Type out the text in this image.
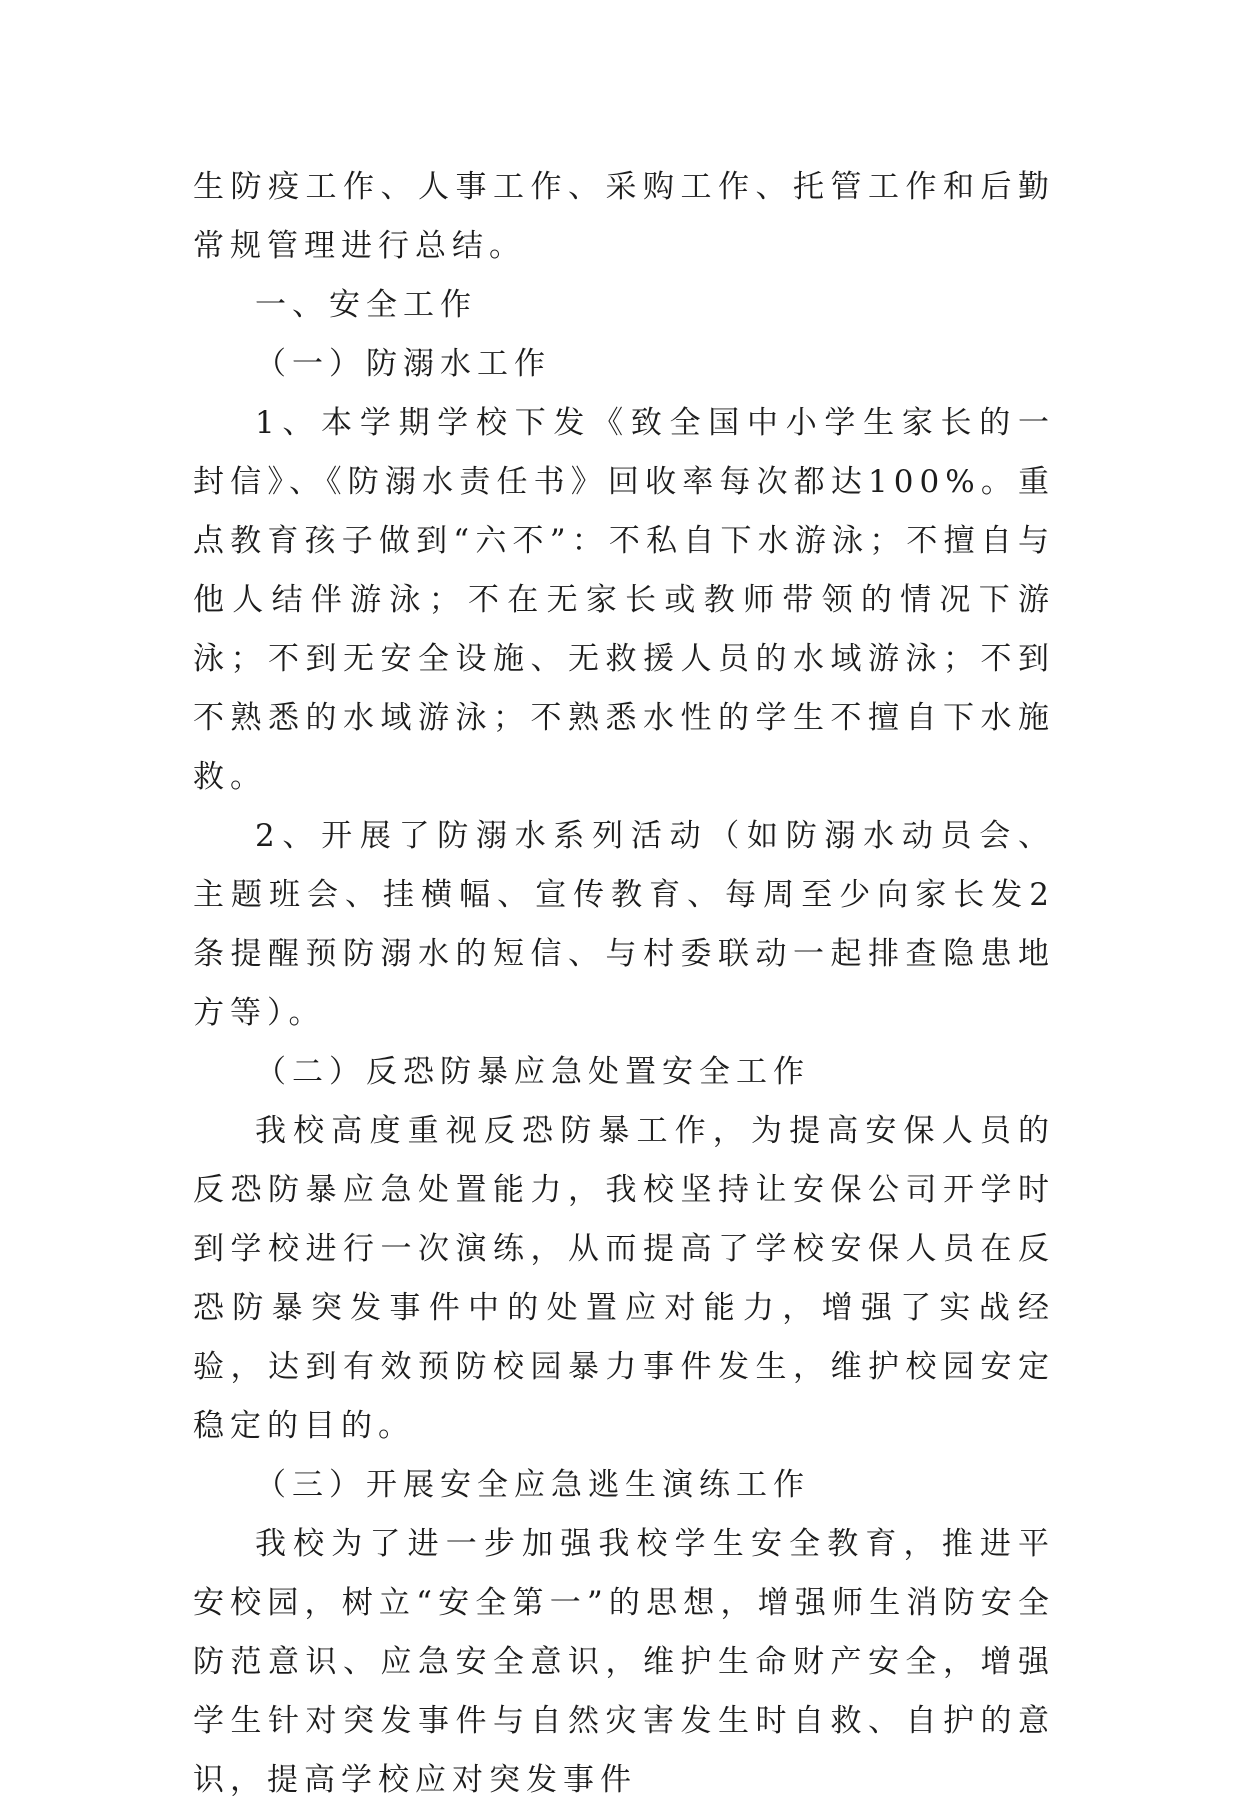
生防疫工作、人事工作、采购工作、托管工作和后勤常规管理进行总结。

一、安全工作

（一）防溺水工作

1、本学期学校下发《致全国中小学生家长的一封信》、《防溺水责任书》回收率每次都达100%。重点教育孩子做到“六不”：不私自下水游泳；不擅自与他人结伴游泳；不在无家长或教师带领的情况下游泳；不到无安全设施、无救援人员的水域游泳；不到不熟悉的水域游泳；不熟悉水性的学生不擅自下水施救。

2、开展了防溺水系列活动（如防溺水动员会、主题班会、挂横幅、宣传教育、每周至少向家长发2条提醒预防溺水的短信、与村委联动一起排查隐患地方等）。

（二）反恐防暴应急处置安全工作

我校高度重视反恐防暴工作，为提高安保人员的反恐防暴应急处置能力，我校坚持让安保公司开学时到学校进行一次演练，从而提高了学校安保人员在反恐防暴突发事件中的处置应对能力，增强了实战经验，达到有效预防校园暴力事件发生，维护校园安定稳定的目的。

（三）开展安全应急逃生演练工作

我校为了进一步加强我校学生安全教育，推进平安校园，树立“安全第一”的思想，增强师生消防安全防范意识、应急安全意识，维护生命财产安全，增强学生针对突发事件与自然灾害发生时自救、自护的意识，提高学校应对突发事件
